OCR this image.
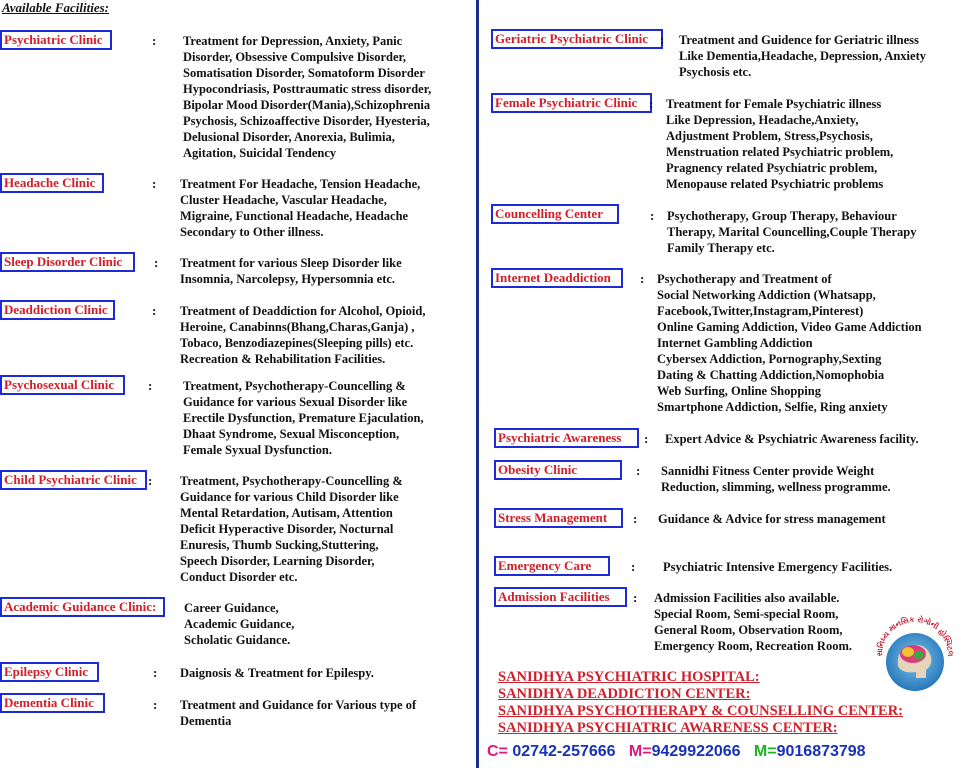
Available Facilities:
Psychiatric Clinic	: Treatment for Depression, Anxiety, Panic
Disorder, Obsessive Compulsive Disorder,
Somatisation Disorder, Somatoform Disorder
Hypocondriasis, Posttraumatic stress disorder,
Bipolar Mood Disorder(Mania),Schizophrenia
Psychosis, Schizoaffective Disorder, Hyesteria,
Delusional Disorder, Anorexia, Bulimia,
Agitation, Suicidal Tendency
Headache Clinic	: Treatment For Headache, Tension Headache,
Cluster Headache, Vascular Headache,
Migraine, Functional Headache, Headache
Secondary to Other illness.
Sleep Disorder Clinic	: Treatment for various Sleep Disorder like
Insomnia, Narcolepsy, Hypersomnia etc.
Deaddiction Clinic	: Treatment of Deaddiction for Alcohol, Opioid,
Heroine, Canabinns(Bhang,Charas,Ganja) ,
Tobaco, Benzodiazepines(Sleeping pills) etc.
Recreation & Rehabilitation Facilities.
Psychosexual Clinic	: Treatment, Psychotherapy-Councelling &
Guidance for various Sexual Disorder like
Erectile Dysfunction, Premature Ejaculation,
Dhaat Syndrome, Sexual Misconception,
Female Syxual Dysfunction.
Child Psychiatric Clinic : Treatment, Psychotherapy-Councelling &
Guidance for various Child Disorder like
Mental Retardation, Autisam, Attention
Deficit Hyperactive Disorder, Nocturnal
Enuresis, Thumb Sucking,Stuttering,
Speech Disorder, Learning Disorder,
Conduct Disorder etc.
Academic Guidance Clinic:	Career Guidance,
Academic Guidance,
Scholatic Guidance.
Epilepsy Clinic	: Daignosis & Treatment for Epilespy.
Dementia Clinic	: Treatment and Guidance for Various type of
Dementia
Geriatric Psychiatric Clinic : Treatment and Guidence for Geriatric illness
Like Dementia,Headache, Depression, Anxiety
Psychosis etc.
Female Psychiatric Clinic : Treatment for Female Psychiatric illness
Like Depression, Headache,Anxiety,
Adjustment Problem, Stress,Psychosis,
Menstruation related Psychiatric problem,
Pragnency related Psychiatric problem,
Menopause related Psychiatric problems
Councelling Center	: Psychotherapy, Group Therapy, Behaviour
Therapy, Marital Councelling,Couple Therapy
Family Therapy etc.
Internet Deaddiction	: Psychotherapy and Treatment of
Social Networking Addiction (Whatsapp,
Facebook,Twitter,Instagram,Pinterest)
Online Gaming Addiction, Video Game Addiction
Internet Gambling Addiction
Cybersex Addiction, Pornography,Sexting
Dating & Chatting Addiction,Nomophobia
Web Surfing, Online Shopping
Smartphone Addiction, Selfie, Ring anxiety
Psychiatric Awareness	: Expert Advice & Psychiatric Awareness facility.
Obesity Clinic	: Sannidhi Fitness Center provide Weight
Reduction, slimming, wellness programme.
Stress Management	: Guidance & Advice for stress management
Emergency Care	: Psychiatric Intensive Emergency Facilities.
Admission Facilities	: Admission Facilities also available.
Special Room, Semi-special Room,
General Room, Observation Room,
Emergency Room, Recreation Room.	સાનિધ્ય માનસિક રોગોની હોસ્પિટલ
SANIDHYA PSYCHIATRIC HOSPITAL:
SANIDHYA DEADDICTION CENTER:
SANIDHYA PSYCHOTHERAPY & COUNSELLING CENTER:
SANIDHYA PSYCHIATRIC AWARENESS CENTER:
C= 02742-257666 M=9429922066 M=9016873798
